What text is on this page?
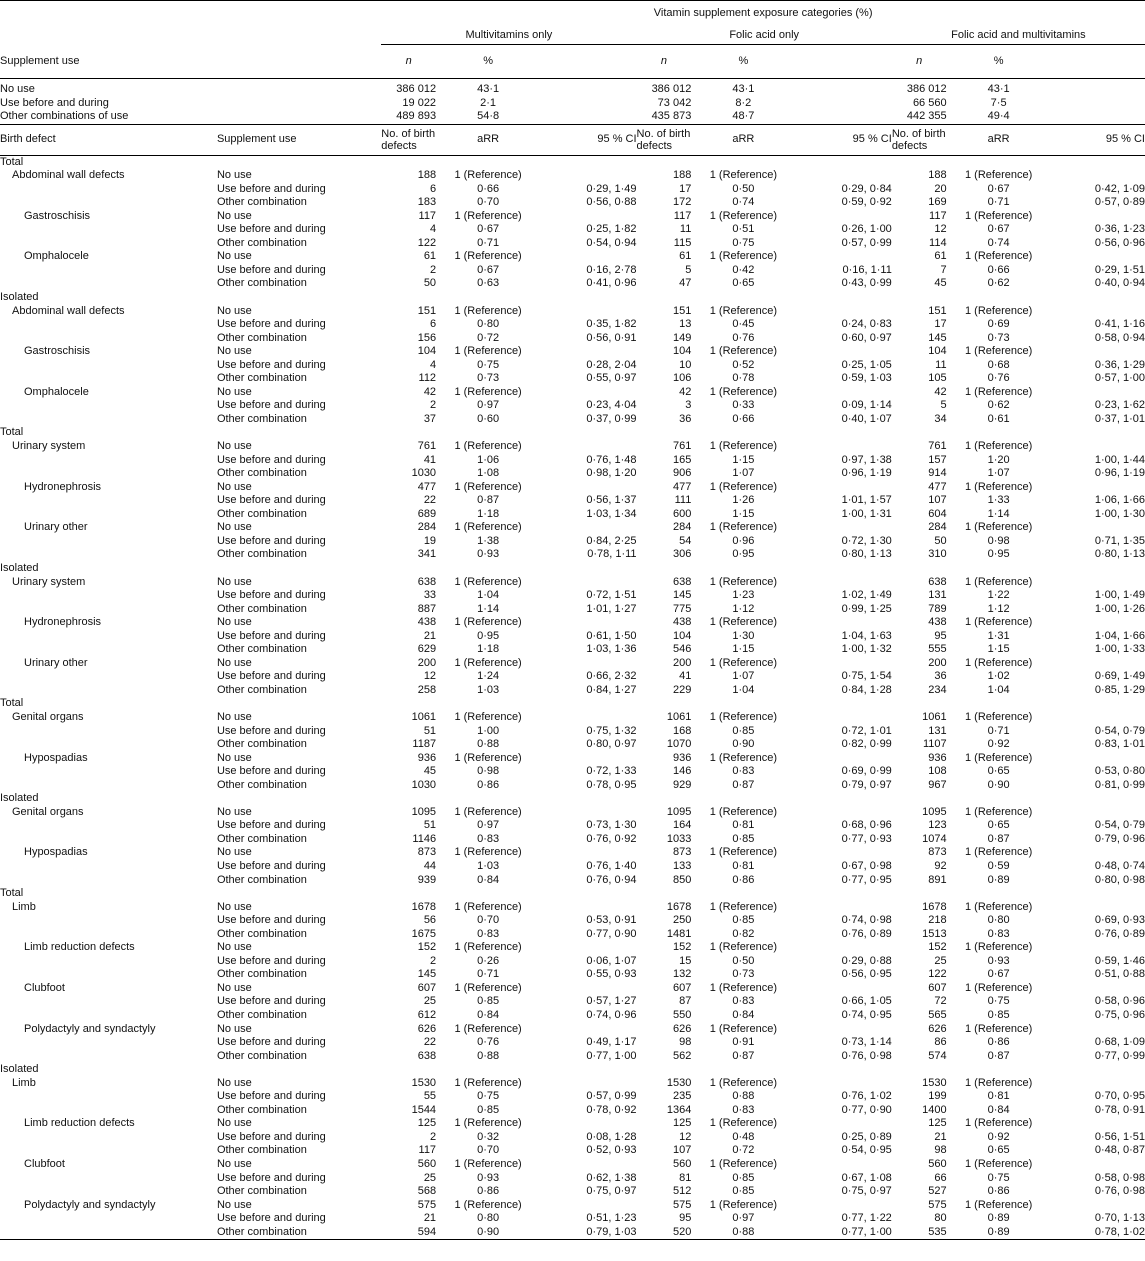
		Vitamin supplement exposure categories (%)								
		Multivitamins only			Folic acid only			Folic acid and multivitamins		
Supplement use		n	%		n	%		n	%	
No use		386 012	43·1		386 012	43·1		386 012	43·1	
Use before and during		19 022	2·1		73 042	8·2		66 560	7·5	
Other combinations of use		489 893	54·8		435 873	48·7		442 355	49·4	
Birth defect	Supplement use	No. of birth defects	aRR	95 % CI	No. of birth defects	aRR	95 % CI	No. of birth defects	aRR	95 % CI
Total										
Abdominal wall defects	No use	188	1 (Reference)		188	1 (Reference)		188	1 (Reference)	
	Use before and during	6	0·66	0·29, 1·49	17	0·50	0·29, 0·84	20	0·67	0·42, 1·09
	Other combination	183	0·70	0·56, 0·88	172	0·74	0·59, 0·92	169	0·71	0·57, 0·89
Gastroschisis	No use	117	1 (Reference)		117	1 (Reference)		117	1 (Reference)	
	Use before and during	4	0·67	0·25, 1·82	11	0·51	0·26, 1·00	12	0·67	0·36, 1·23
	Other combination	122	0·71	0·54, 0·94	115	0·75	0·57, 0·99	114	0·74	0·56, 0·96
Omphalocele	No use	61	1 (Reference)		61	1 (Reference)		61	1 (Reference)	
	Use before and during	2	0·67	0·16, 2·78	5	0·42	0·16, 1·11	7	0·66	0·29, 1·51
	Other combination	50	0·63	0·41, 0·96	47	0·65	0·43, 0·99	45	0·62	0·40, 0·94
Isolated										
Abdominal wall defects	No use	151	1 (Reference)		151	1 (Reference)		151	1 (Reference)	
	Use before and during	6	0·80	0·35, 1·82	13	0·45	0·24, 0·83	17	0·69	0·41, 1·16
	Other combination	156	0·72	0·56, 0·91	149	0·76	0·60, 0·97	145	0·73	0·58, 0·94
Gastroschisis	No use	104	1 (Reference)		104	1 (Reference)		104	1 (Reference)	
	Use before and during	4	0·75	0·28, 2·04	10	0·52	0·25, 1·05	11	0·68	0·36, 1·29
	Other combination	112	0·73	0·55, 0·97	106	0·78	0·59, 1·03	105	0·76	0·57, 1·00
Omphalocele	No use	42	1 (Reference)		42	1 (Reference)		42	1 (Reference)	
	Use before and during	2	0·97	0·23, 4·04	3	0·33	0·09, 1·14	5	0·62	0·23, 1·62
	Other combination	37	0·60	0·37, 0·99	36	0·66	0·40, 1·07	34	0·61	0·37, 1·01
Total										
Urinary system	No use	761	1 (Reference)		761	1 (Reference)		761	1 (Reference)	
	Use before and during	41	1·06	0·76, 1·48	165	1·15	0·97, 1·38	157	1·20	1·00, 1·44
	Other combination	1030	1·08	0·98, 1·20	906	1·07	0·96, 1·19	914	1·07	0·96, 1·19
Hydronephrosis	No use	477	1 (Reference)		477	1 (Reference)		477	1 (Reference)	
	Use before and during	22	0·87	0·56, 1·37	111	1·26	1·01, 1·57	107	1·33	1·06, 1·66
	Other combination	689	1·18	1·03, 1·34	600	1·15	1·00, 1·31	604	1·14	1·00, 1·30
Urinary other	No use	284	1 (Reference)		284	1 (Reference)		284	1 (Reference)	
	Use before and during	19	1·38	0·84, 2·25	54	0·96	0·72, 1·30	50	0·98	0·71, 1·35
	Other combination	341	0·93	0·78, 1·11	306	0·95	0·80, 1·13	310	0·95	0·80, 1·13
Isolated										
Urinary system	No use	638	1 (Reference)		638	1 (Reference)		638	1 (Reference)	
	Use before and during	33	1·04	0·72, 1·51	145	1·23	1·02, 1·49	131	1·22	1·00, 1·49
	Other combination	887	1·14	1·01, 1·27	775	1·12	0·99, 1·25	789	1·12	1·00, 1·26
Hydronephrosis	No use	438	1 (Reference)		438	1 (Reference)		438	1 (Reference)	
	Use before and during	21	0·95	0·61, 1·50	104	1·30	1·04, 1·63	95	1·31	1·04, 1·66
	Other combination	629	1·18	1·03, 1·36	546	1·15	1·00, 1·32	555	1·15	1·00, 1·33
Urinary other	No use	200	1 (Reference)		200	1 (Reference)		200	1 (Reference)	
	Use before and during	12	1·24	0·66, 2·32	41	1·07	0·75, 1·54	36	1·02	0·69, 1·49
	Other combination	258	1·03	0·84, 1·27	229	1·04	0·84, 1·28	234	1·04	0·85, 1·29
Total										
Genital organs	No use	1061	1 (Reference)		1061	1 (Reference)		1061	1 (Reference)	
	Use before and during	51	1·00	0·75, 1·32	168	0·85	0·72, 1·01	131	0·71	0·54, 0·79
	Other combination	1187	0·88	0·80, 0·97	1070	0·90	0·82, 0·99	1107	0·92	0·83, 1·01
Hypospadias	No use	936	1 (Reference)		936	1 (Reference)		936	1 (Reference)	
	Use before and during	45	0·98	0·72, 1·33	146	0·83	0·69, 0·99	108	0·65	0·53, 0·80
	Other combination	1030	0·86	0·78, 0·95	929	0·87	0·79, 0·97	967	0·90	0·81, 0·99
Isolated										
Genital organs	No use	1095	1 (Reference)		1095	1 (Reference)		1095	1 (Reference)	
	Use before and during	51	0·97	0·73, 1·30	164	0·81	0·68, 0·96	123	0·65	0·54, 0·79
	Other combination	1146	0·83	0·76, 0·92	1033	0·85	0·77, 0·93	1074	0·87	0·79, 0·96
Hypospadias	No use	873	1 (Reference)		873	1 (Reference)		873	1 (Reference)	
	Use before and during	44	1·03	0·76, 1·40	133	0·81	0·67, 0·98	92	0·59	0·48, 0·74
	Other combination	939	0·84	0·76, 0·94	850	0·86	0·77, 0·95	891	0·89	0·80, 0·98
Total										
Limb	No use	1678	1 (Reference)		1678	1 (Reference)		1678	1 (Reference)	
	Use before and during	56	0·70	0·53, 0·91	250	0·85	0·74, 0·98	218	0·80	0·69, 0·93
	Other combination	1675	0·83	0·77, 0·90	1481	0·82	0·76, 0·89	1513	0·83	0·76, 0·89
Limb reduction defects	No use	152	1 (Reference)		152	1 (Reference)		152	1 (Reference)	
	Use before and during	2	0·26	0·06, 1·07	15	0·50	0·29, 0·88	25	0·93	0·59, 1·46
	Other combination	145	0·71	0·55, 0·93	132	0·73	0·56, 0·95	122	0·67	0·51, 0·88
Clubfoot	No use	607	1 (Reference)		607	1 (Reference)		607	1 (Reference)	
	Use before and during	25	0·85	0·57, 1·27	87	0·83	0·66, 1·05	72	0·75	0·58, 0·96
	Other combination	612	0·84	0·74, 0·96	550	0·84	0·74, 0·95	565	0·85	0·75, 0·96
Polydactyly and syndactyly	No use	626	1 (Reference)		626	1 (Reference)		626	1 (Reference)	
	Use before and during	22	0·76	0·49, 1·17	98	0·91	0·73, 1·14	86	0·86	0·68, 1·09
	Other combination	638	0·88	0·77, 1·00	562	0·87	0·76, 0·98	574	0·87	0·77, 0·99
Isolated										
Limb	No use	1530	1 (Reference)		1530	1 (Reference)		1530	1 (Reference)	
	Use before and during	55	0·75	0·57, 0·99	235	0·88	0·76, 1·02	199	0·81	0·70, 0·95
	Other combination	1544	0·85	0·78, 0·92	1364	0·83	0·77, 0·90	1400	0·84	0·78, 0·91
Limb reduction defects	No use	125	1 (Reference)		125	1 (Reference)		125	1 (Reference)	
	Use before and during	2	0·32	0·08, 1·28	12	0·48	0·25, 0·89	21	0·92	0·56, 1·51
	Other combination	117	0·70	0·52, 0·93	107	0·72	0·54, 0·95	98	0·65	0·48, 0·87
Clubfoot	No use	560	1 (Reference)		560	1 (Reference)		560	1 (Reference)	
	Use before and during	25	0·93	0·62, 1·38	81	0·85	0·67, 1·08	66	0·75	0·58, 0·98
	Other combination	568	0·86	0·75, 0·97	512	0·85	0·75, 0·97	527	0·86	0·76, 0·98
Polydactyly and syndactyly	No use	575	1 (Reference)		575	1 (Reference)		575	1 (Reference)	
	Use before and during	21	0·80	0·51, 1·23	95	0·97	0·77, 1·22	80	0·89	0·70, 1·13
	Other combination	594	0·90	0·79, 1·03	520	0·88	0·77, 1·00	535	0·89	0·78, 1·02
